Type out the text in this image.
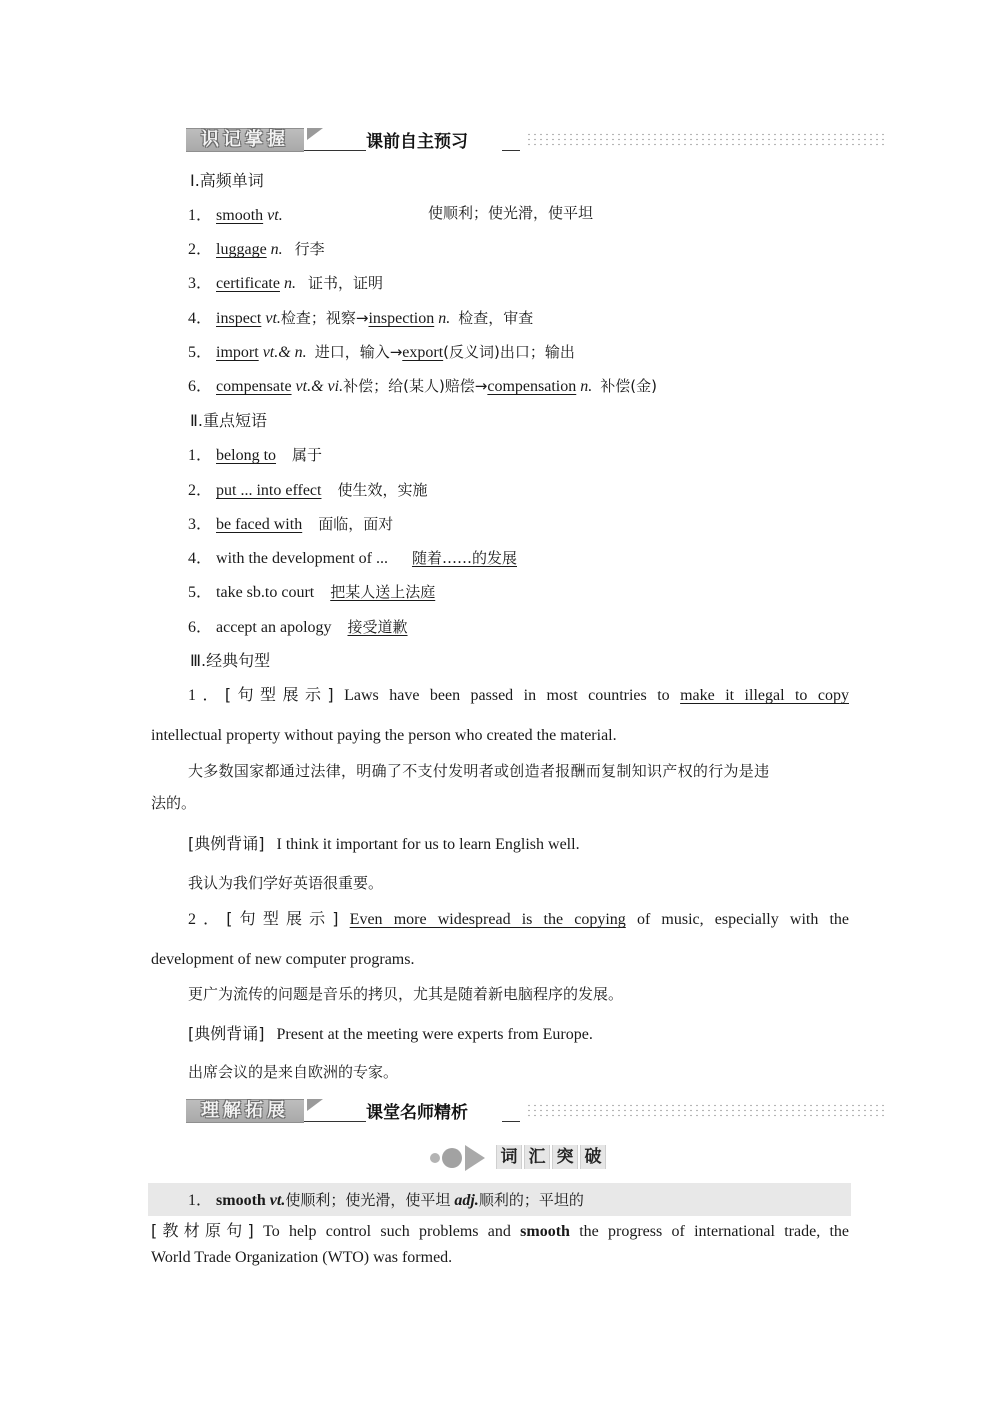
识记掌握	课前自主预习
Ⅰ.高频单词
1． smooth vt.	使顺利；使光滑，使平坦
2． luggage n. 行李
3． certificate n. 证书，证明
4． inspect vt.检查；视察→inspection n. 检查，审查
5． import vt.& n. 进口，输入→export(反义词)出口；输出
6． compensate vt.& vi.补偿；给(某人)赔偿→compensation n. 补偿(金)
Ⅱ.重点短语
1． belong to 属于
2． put ... into effect 使生效，实施
3． be faced with 面临，面对
4． with the development of ... 随着……的发展
5． take sb.to court 把某人送上法庭
6． accept an apology 接受道歉
Ⅲ.经典句型
1．[句型展示] Laws have been passed in most countries to make it illegal to copy
intellectual property without paying the person who created the material.
大多数国家都通过法律，明确了不支付发明者或创造者报酬而复制知识产权的行为是违
法的。
[典例背诵] I think it important for us to learn English well.
我认为我们学好英语很重要。
2．[句型展示] Even more widespread is the copying of music, especially with the
development of new computer programs.
更广为流传的问题是音乐的拷贝，尤其是随着新电脑程序的发展。
[典例背诵] Present at the meeting were experts from Europe.
出席会议的是来自欧洲的专家。
理解拓展	课堂名师精析
词 汇 突 破
1． smooth vt.使顺利；使光滑，使平坦 adj.顺利的；平坦的
[教材原句] To help control such problems and smooth the progress of international trade, the
World Trade Organization (WTO) was formed.
